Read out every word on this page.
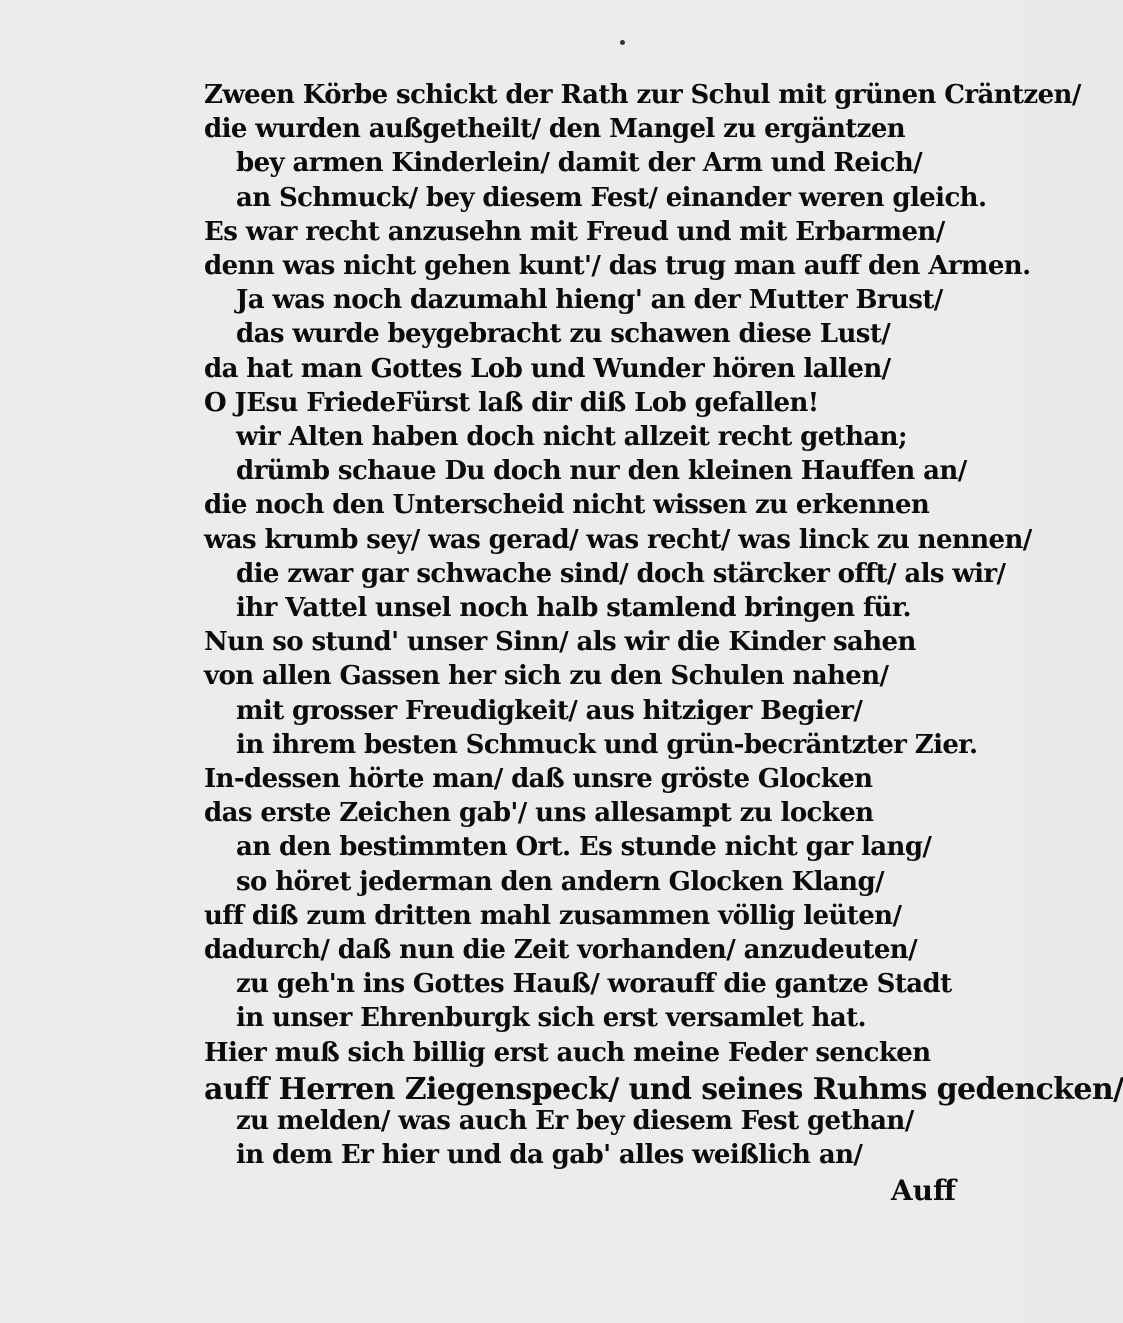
Zween Körbe schickt der Rath zur Schul mit grünen Cräntzen/
die wurden außgetheilt/ den Mangel zu ergäntzen
bey armen Kinderlein/ damit der Arm und Reich/
an Schmuck/ bey diesem Fest/ einander weren gleich.
Es war recht anzusehn mit Freud und mit Erbarmen/
denn was nicht gehen kunt'/ das trug man auff den Armen.
Ja was noch dazumahl hieng' an der Mutter Brust/
das wurde beygebracht zu schawen diese Lust/
da hat man Gottes Lob und Wunder hören lallen/
O JEsu FriedeFürst laß dir diß Lob gefallen!
wir Alten haben doch nicht allzeit recht gethan;
drümb schaue Du doch nur den kleinen Hauffen an/
die noch den Unterscheid nicht wissen zu erkennen
was krumb sey/ was gerad/ was recht/ was linck zu nennen/
die zwar gar schwache sind/ doch stärcker offt/ als wir/
ihr Vattel unsel noch halb stamlend bringen für.
Nun so stund' unser Sinn/ als wir die Kinder sahen
von allen Gassen her sich zu den Schulen nahen/
mit grosser Freudigkeit/ aus hitziger Begier/
in ihrem besten Schmuck und grün-becräntzter Zier.
In-dessen hörte man/ daß unsre gröste Glocken
das erste Zeichen gab'/ uns allesampt zu locken
an den bestimmten Ort. Es stunde nicht gar lang/
so höret jederman den andern Glocken Klang/
uff diß zum dritten mahl zusammen völlig leüten/
dadurch/ daß nun die Zeit vorhanden/ anzudeuten/
zu geh'n ins Gottes Hauß/ worauff die gantze Stadt
in unser Ehrenburgk sich erst versamlet hat.
Hier muß sich billig erst auch meine Feder sencken
auff Herren Ziegenspeck/ und seines Ruhms gedencken/
zu melden/ was auch Er bey diesem Fest gethan/
in dem Er hier und da gab' alles weißlich an/
Auff
